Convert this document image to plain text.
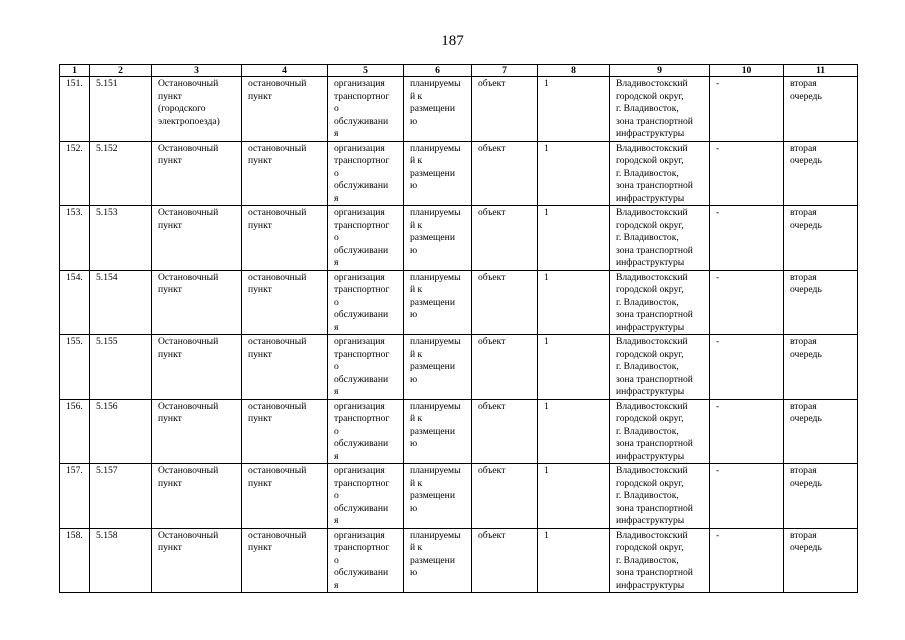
187
1	2	3	4	5	6	7	8	9	10	11
151.	5.151	Остановочный
пункт
(городского
электропоезда)	остановочный
пункт	организация
транспортног
о
обслуживани
я	планируемы
й к
размещени
ю	объект	1	Владивостокский
городской округ,
г. Владивосток,
зона транспортной
инфраструктуры	-	вторая
очередь
152.	5.152	Остановочный
пункт	остановочный
пункт	организация
транспортног
о
обслуживани
я	планируемы
й к
размещени
ю	объект	1	Владивостокский
городской округ,
г. Владивосток,
зона транспортной
инфраструктуры	-	вторая
очередь
153.	5.153	Остановочный
пункт	остановочный
пункт	организация
транспортног
о
обслуживани
я	планируемы
й к
размещени
ю	объект	1	Владивостокский
городской округ,
г. Владивосток,
зона транспортной
инфраструктуры	-	вторая
очередь
154.	5.154	Остановочный
пункт	остановочный
пункт	организация
транспортног
о
обслуживани
я	планируемы
й к
размещени
ю	объект	1	Владивостокский
городской округ,
г. Владивосток,
зона транспортной
инфраструктуры	-	вторая
очередь
155.	5.155	Остановочный
пункт	остановочный
пункт	организация
транспортног
о
обслуживани
я	планируемы
й к
размещени
ю	объект	1	Владивостокский
городской округ,
г. Владивосток,
зона транспортной
инфраструктуры	-	вторая
очередь
156.	5.156	Остановочный
пункт	остановочный
пункт	организация
транспортног
о
обслуживани
я	планируемы
й к
размещени
ю	объект	1	Владивостокский
городской округ,
г. Владивосток,
зона транспортной
инфраструктуры	-	вторая
очередь
157.	5.157	Остановочный
пункт	остановочный
пункт	организация
транспортног
о
обслуживани
я	планируемы
й к
размещени
ю	объект	1	Владивостокский
городской округ,
г. Владивосток,
зона транспортной
инфраструктуры	-	вторая
очередь
158.	5.158	Остановочный
пункт	остановочный
пункт	организация
транспортног
о
обслуживани
я	планируемы
й к
размещени
ю	объект	1	Владивостокский
городской округ,
г. Владивосток,
зона транспортной
инфраструктуры	-	вторая
очередь
